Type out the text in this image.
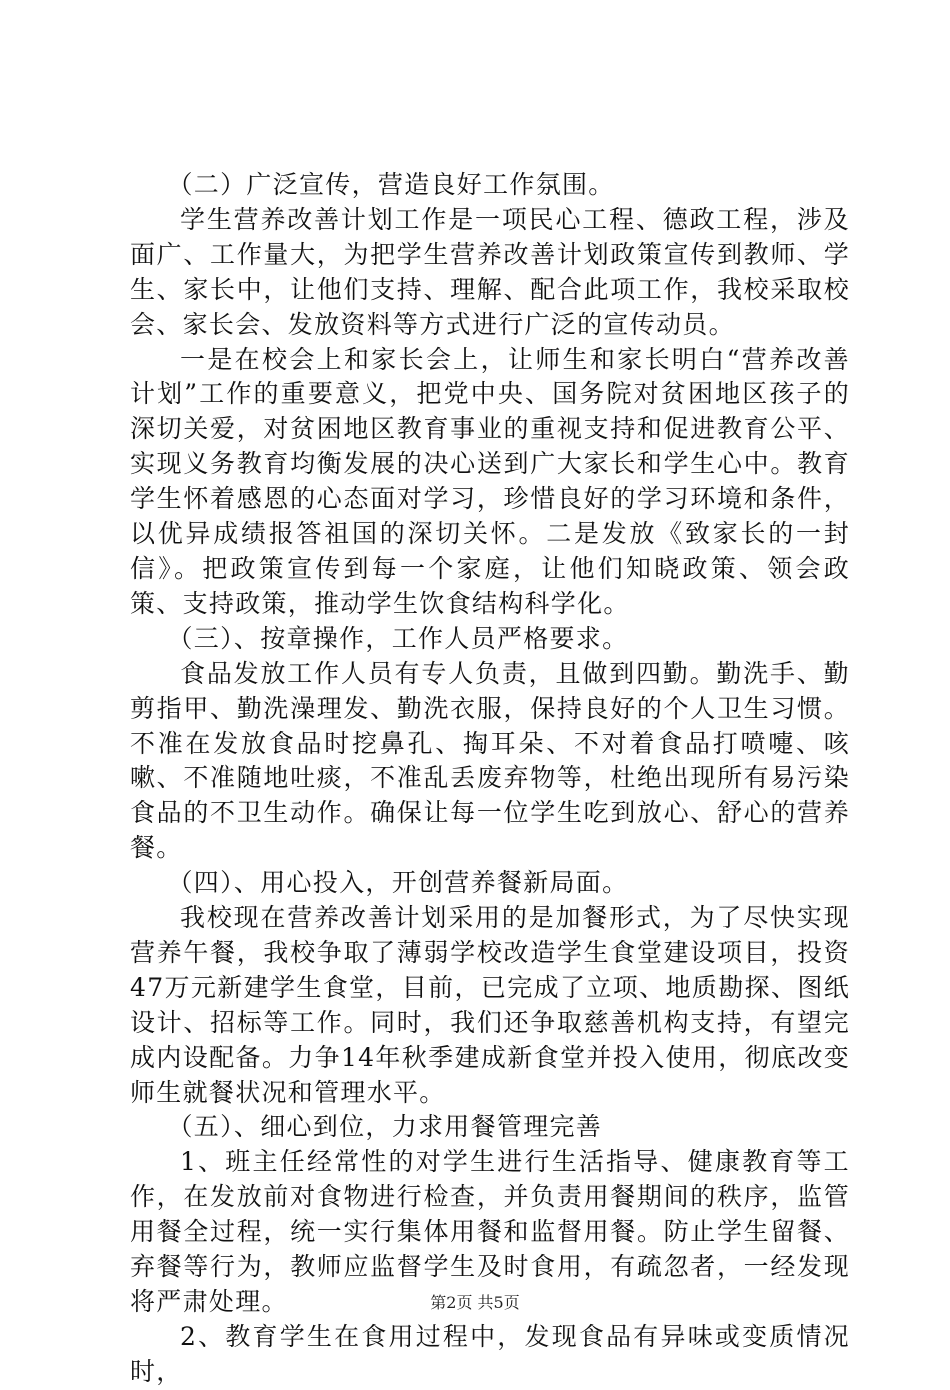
（二）广泛宣传，营造良好工作氛围。

学生营养改善计划工作是一项民心工程、德政工程，涉及面广、工作量大，为把学生营养改善计划政策宣传到教师、学生、家长中，让他们支持、理解、配合此项工作，我校采取校会、家长会、发放资料等方式进行广泛的宣传动员。

一是在校会上和家长会上，让师生和家长明白“营养改善计划”工作的重要意义，把党中央、国务院对贫困地区孩子的深切关爱，对贫困地区教育事业的重视支持和促进教育公平、实现义务教育均衡发展的决心送到广大家长和学生心中。教育学生怀着感恩的心态面对学习，珍惜良好的学习环境和条件，以优异成绩报答祖国的深切关怀。二是发放《致家长的一封信》。把政策宣传到每一个家庭，让他们知晓政策、领会政策、支持政策，推动学生饮食结构科学化。

（三）、按章操作，工作人员严格要求。

食品发放工作人员有专人负责，且做到四勤。勤洗手、勤剪指甲、勤洗澡理发、勤洗衣服，保持良好的个人卫生习惯。不准在发放食品时挖鼻孔、掏耳朵、不对着食品打喷嚏、咳嗽、不准随地吐痰，不准乱丢废弃物等，杜绝出现所有易污染食品的不卫生动作。确保让每一位学生吃到放心、舒心的营养餐。

（四）、用心投入，开创营养餐新局面。

我校现在营养改善计划采用的是加餐形式，为了尽快实现营养午餐，我校争取了薄弱学校改造学生食堂建设项目，投资47万元新建学生食堂，目前，已完成了立项、地质勘探、图纸设计、招标等工作。同时，我们还争取慈善机构支持，有望完成内设配备。力争14年秋季建成新食堂并投入使用，彻底改变师生就餐状况和管理水平。

（五）、细心到位，力求用餐管理完善

1、班主任经常性的对学生进行生活指导、健康教育等工作，在发放前对食物进行检查，并负责用餐期间的秩序，监管用餐全过程，统一实行集体用餐和监督用餐。防止学生留餐、弃餐等行为，教师应监督学生及时食用，有疏忽者，一经发现将严肃处理。

2、教育学生在食用过程中，发现食品有异味或变质情况时，

第2页 共5页
